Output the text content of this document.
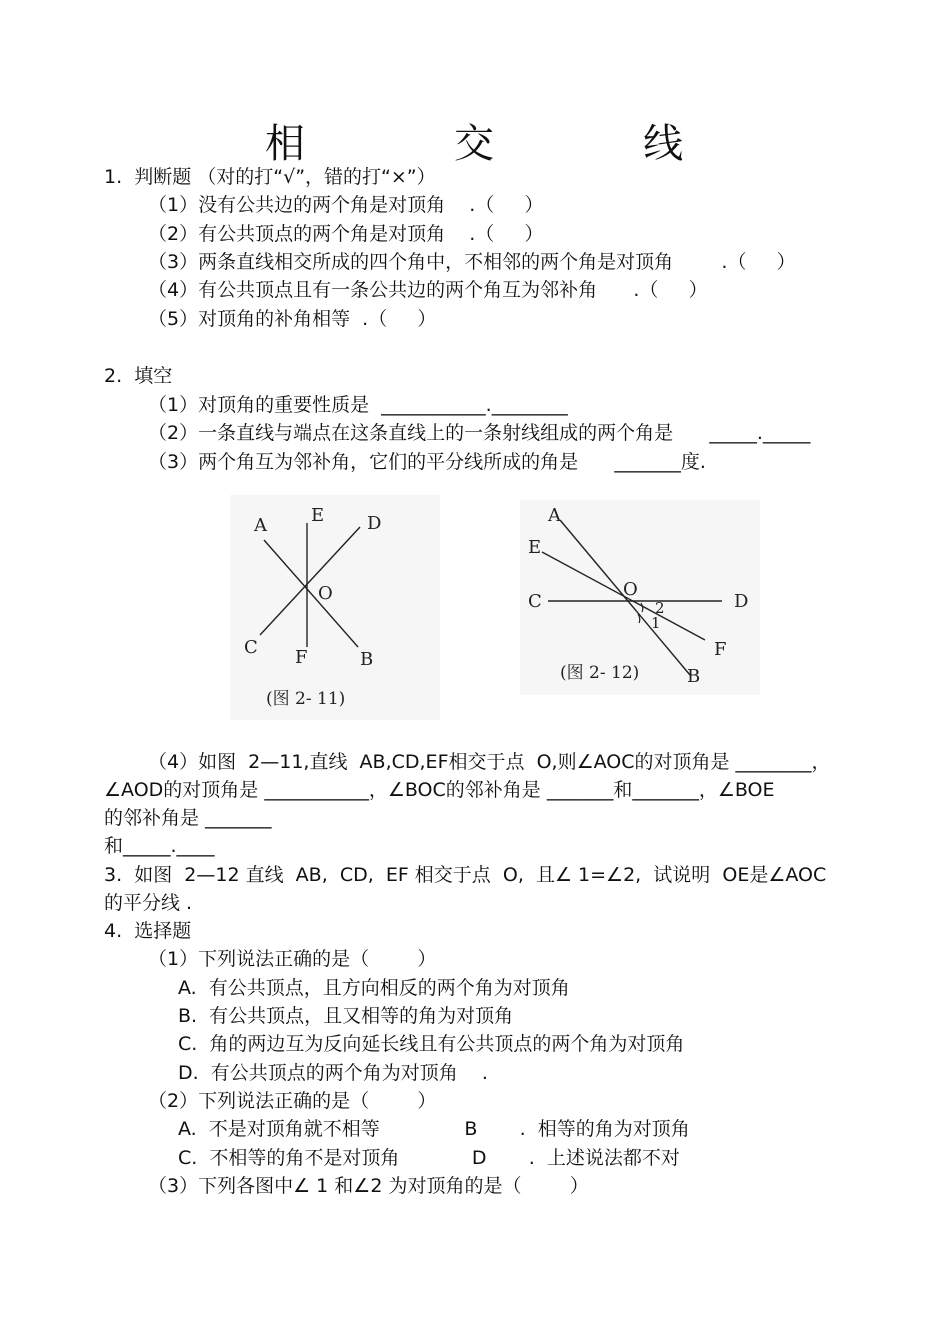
相          交          线
1.  判断题 （对的打“√”，错的打“×”）
（1）没有公共边的两个角是对顶角    .（     ）
（2）有公共顶点的两个角是对顶角    .（     ）
（3）两条直线相交所成的四个角中，不相邻的两个角是对顶角        .（     ）
（4）有公共顶点且有一条公共边的两个角互为邻补角      .（     ）
（5）对顶角的补角相等  .（     ）
2.  填空
（1）对顶角的重要性质是  ___________.________
（2）一条直线与端点在这条直线上的一条射线组成的两个角是      _____._____
（3）两个角互为邻补角，它们的平分线所成的角是      _______度.
A E D
O
C F	B
(图 2- 11)
A
E
C
O
D
2
1
F
B
(图 2- 12)
（4）如图  2—11,直线  AB,CD,EF相交于点  O,则∠AOC的对顶角是 ________，
∠AOD的对顶角是 ___________，∠BOC的邻补角是 _______和_______，∠BOE
的邻补角是 _______
和_____.____
3.  如图  2—12 直线  AB,  CD,  EF 相交于点  O,  且∠ 1=∠2,  试说明  OE是∠AOC
的平分线 .
4.  选择题
（1）下列说法正确的是（        ）
A.  有公共顶点，且方向相反的两个角为对顶角
B.  有公共顶点，且又相等的角为对顶角
C.  角的两边互为反向延长线且有公共顶点的两个角为对顶角
D.  有公共顶点的两个角为对顶角    .
（2）下列说法正确的是（        ）
A.  不是对顶角就不相等              B       .  相等的角为对顶角
C.  不相等的角不是对顶角            D       .  上述说法都不对
（3）下列各图中∠ 1 和∠2 为对顶角的是（        ）
